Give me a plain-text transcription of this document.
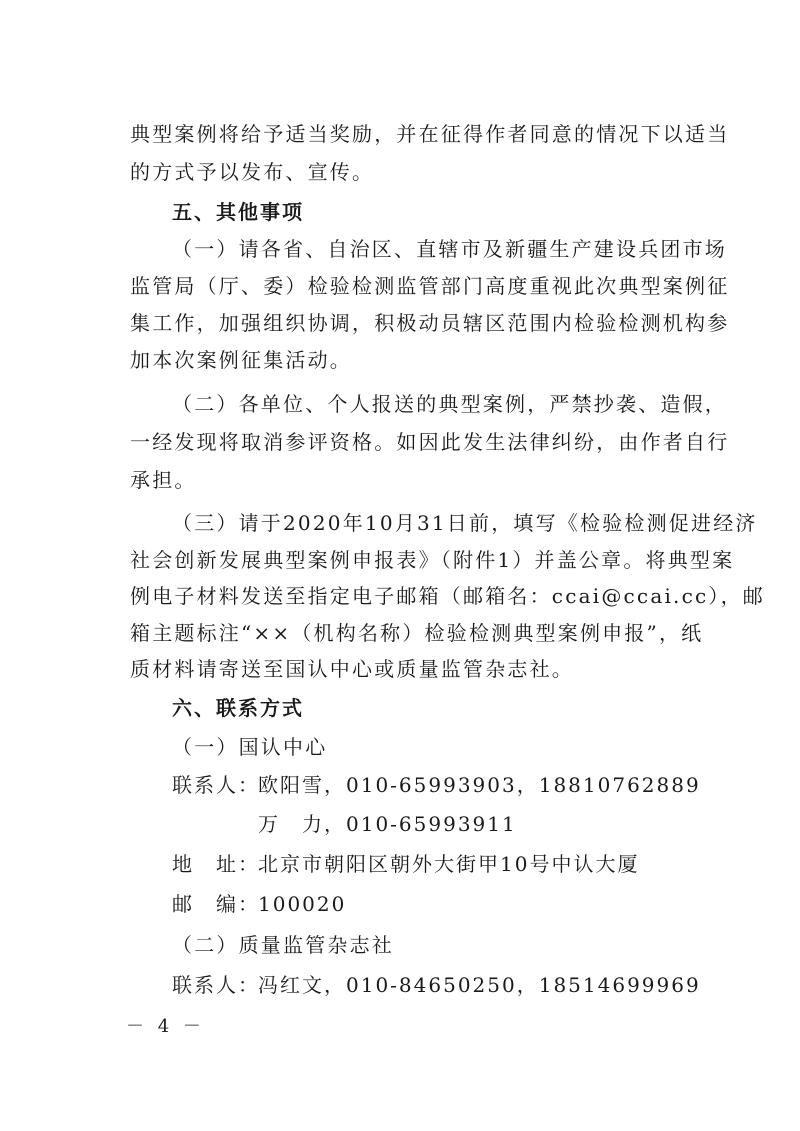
典型案例将给予适当奖励，并在征得作者同意的情况下以适当
的方式予以发布、宣传。
五、其他事项
（一）请各省、自治区、直辖市及新疆生产建设兵团市场
监管局（厅、委）检验检测监管部门高度重视此次典型案例征
集工作，加强组织协调，积极动员辖区范围内检验检测机构参
加本次案例征集活动。
（二）各单位、个人报送的典型案例，严禁抄袭、造假，
一经发现将取消参评资格。如因此发生法律纠纷，由作者自行
承担。
（三）请于2020年10月31日前，填写《检验检测促进经济
社会创新发展典型案例申报表》（附件1）并盖公章。将典型案
例电子材料发送至指定电子邮箱（邮箱名：ccai@ccai.cc），邮
箱主题标注“××（机构名称）检验检测典型案例申报”，纸
质材料请寄送至国认中心或质量监管杂志社。
六、联系方式
（一）国认中心
联系人：
欧阳雪，010-65993903，18810762889
万　力，010-65993911
地　址：
北京市朝阳区朝外大街甲10号中认大厦
邮　编：
100020
（二）质量监管杂志社
联系人：
冯红文，010-84650250，18514699969
－ 4 －
